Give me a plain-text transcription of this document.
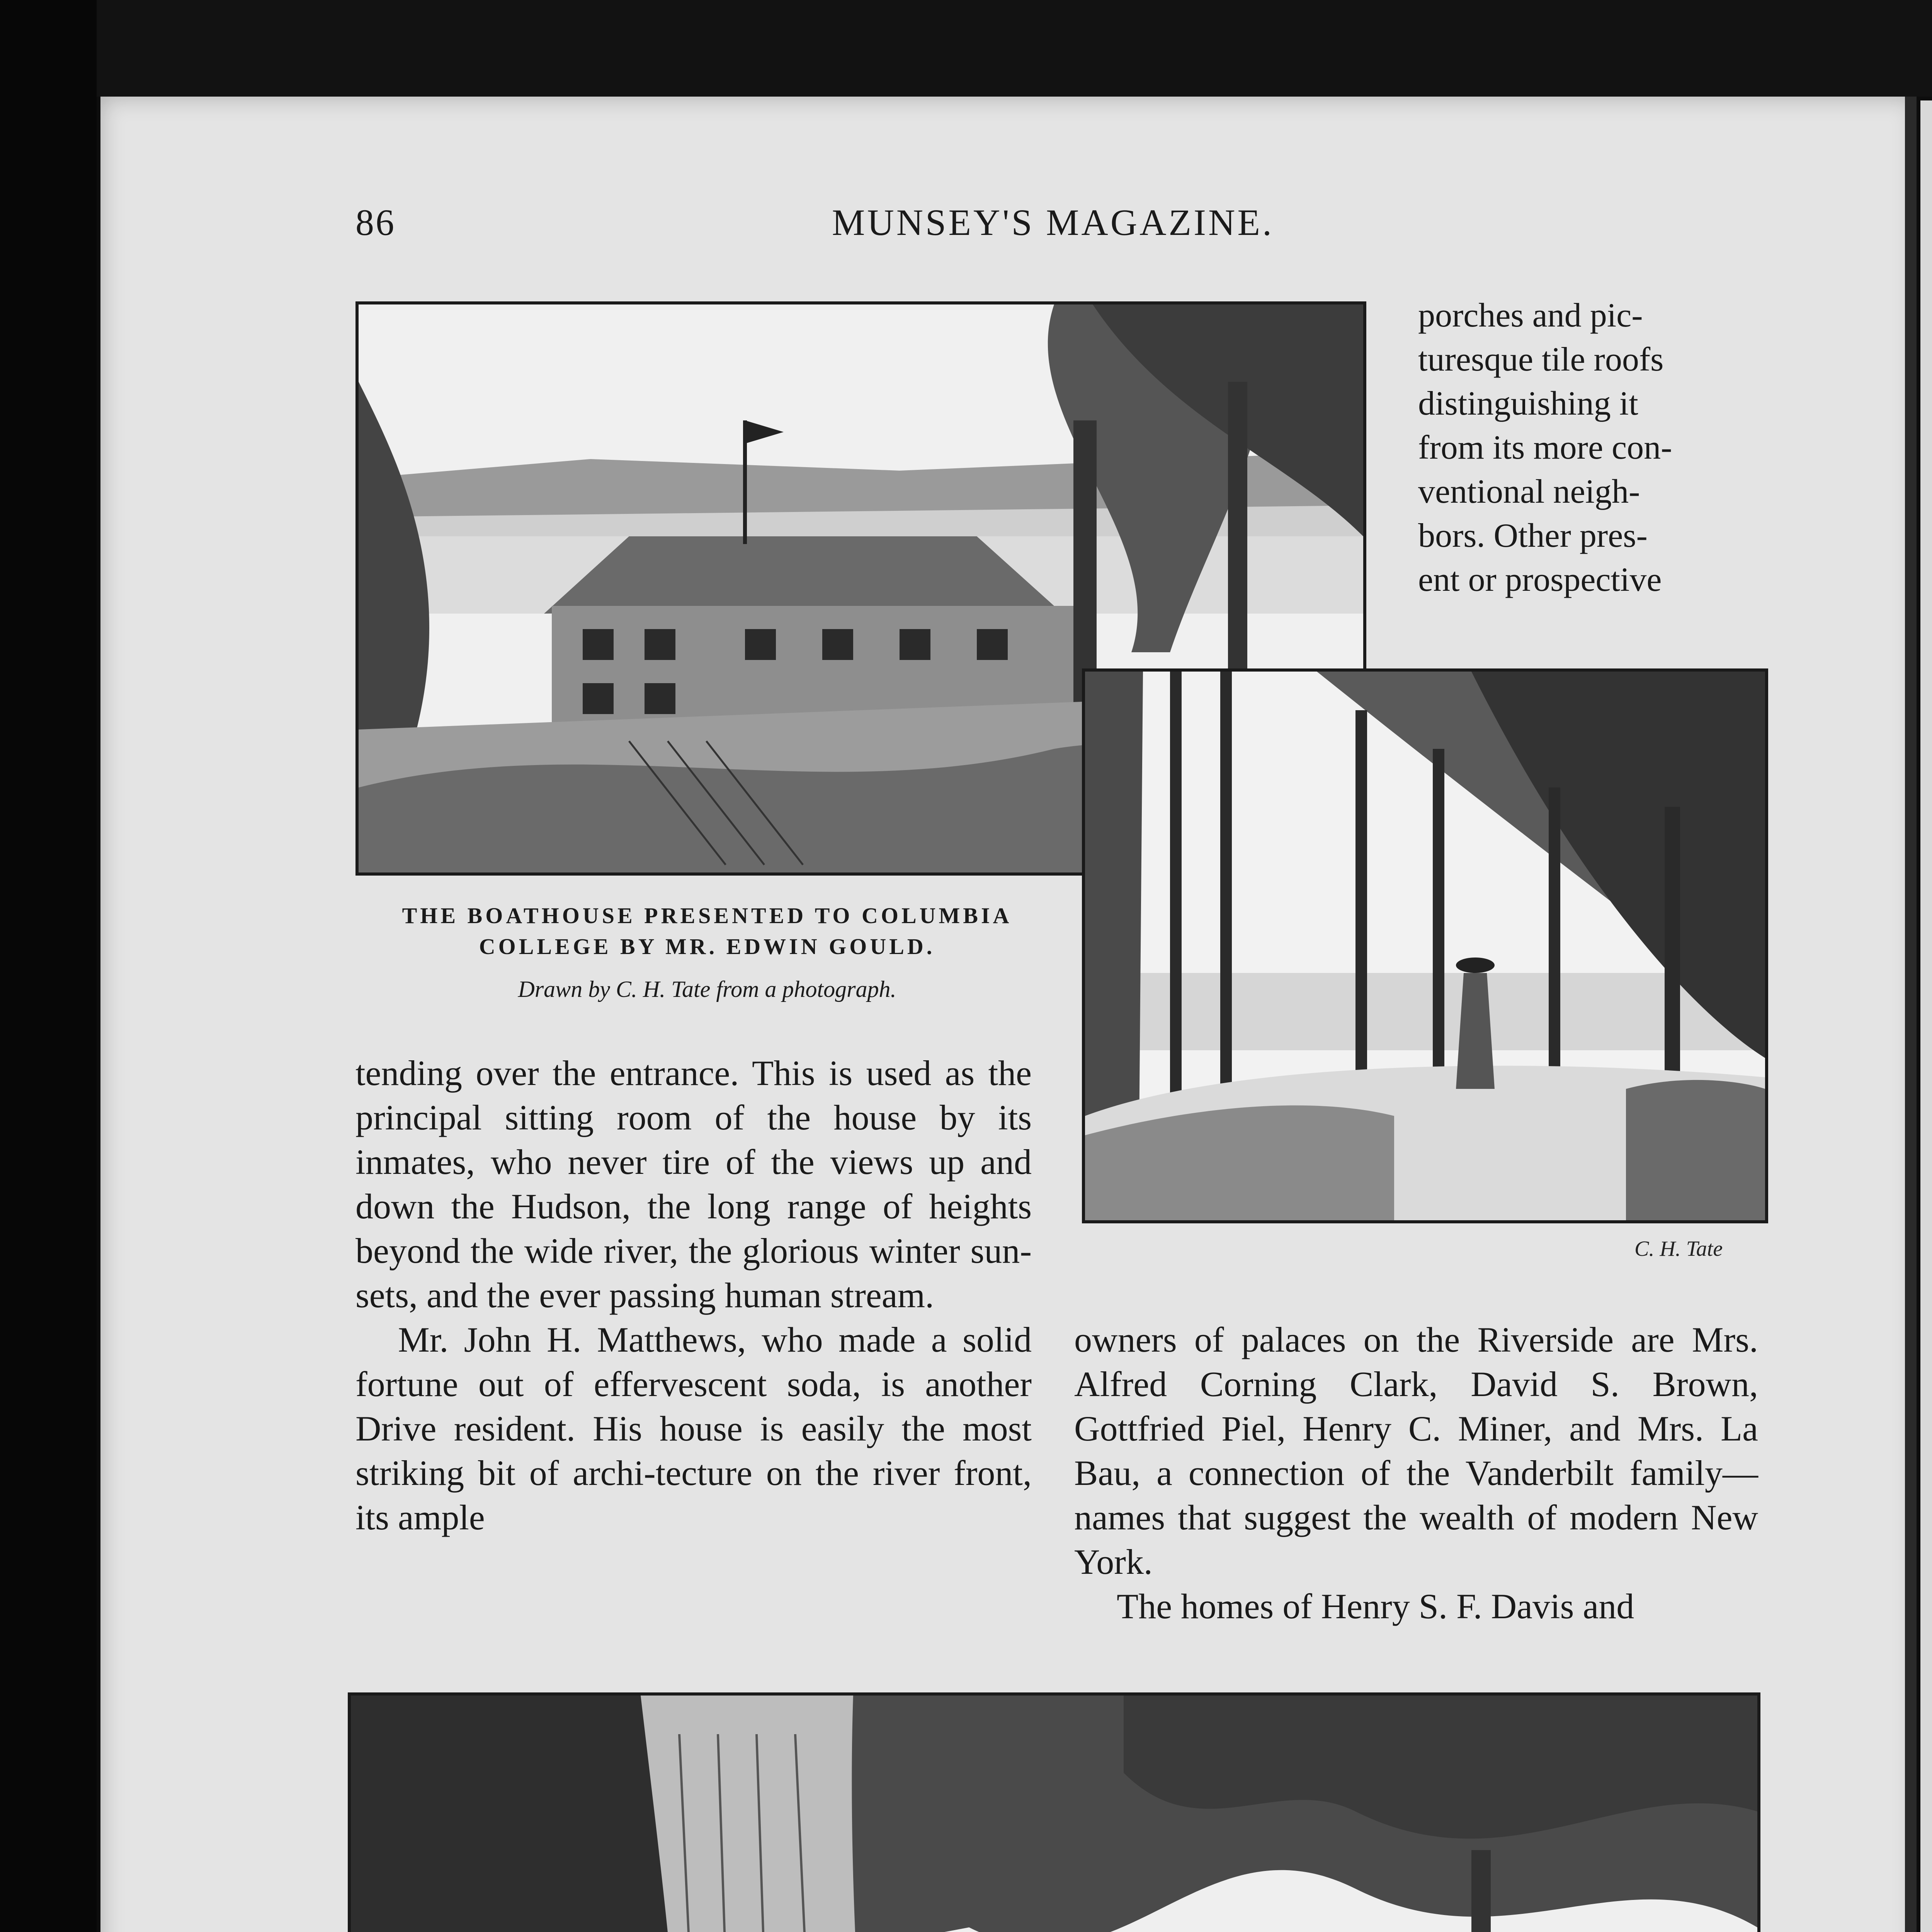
86	MUNSEY'S MAGAZINE.
THE BOATHOUSE PRESENTED TO COLUMBIA
COLLEGE BY MR. EDWIN GOULD.
Drawn by C. H. Tate from a photograph.
porches and pic-
turesque tile roofs
distinguishing it
from its more con-
ventional neigh-
bors. Other pres-
ent or prospective
C. H. Tate

tending over the entrance. This is used as the principal sitting room of the house by its inmates, who never tire of the views up and down the Hudson, the long range of heights beyond the wide river, the glorious winter sun-sets, and the ever passing human stream.

Mr. John H. Matthews, who made a solid fortune out of effervescent soda, is another Drive resident. His house is easily the most striking bit of archi-tecture on the river front, its ample

owners of palaces on the Riverside are Mrs. Alfred Corning Clark, David S. Brown, Gottfried Piel, Henry C. Miner, and Mrs. La Bau, a connection of the Vanderbilt family—names that suggest the wealth of modern New York.

The homes of Henry S. F. Davis and
